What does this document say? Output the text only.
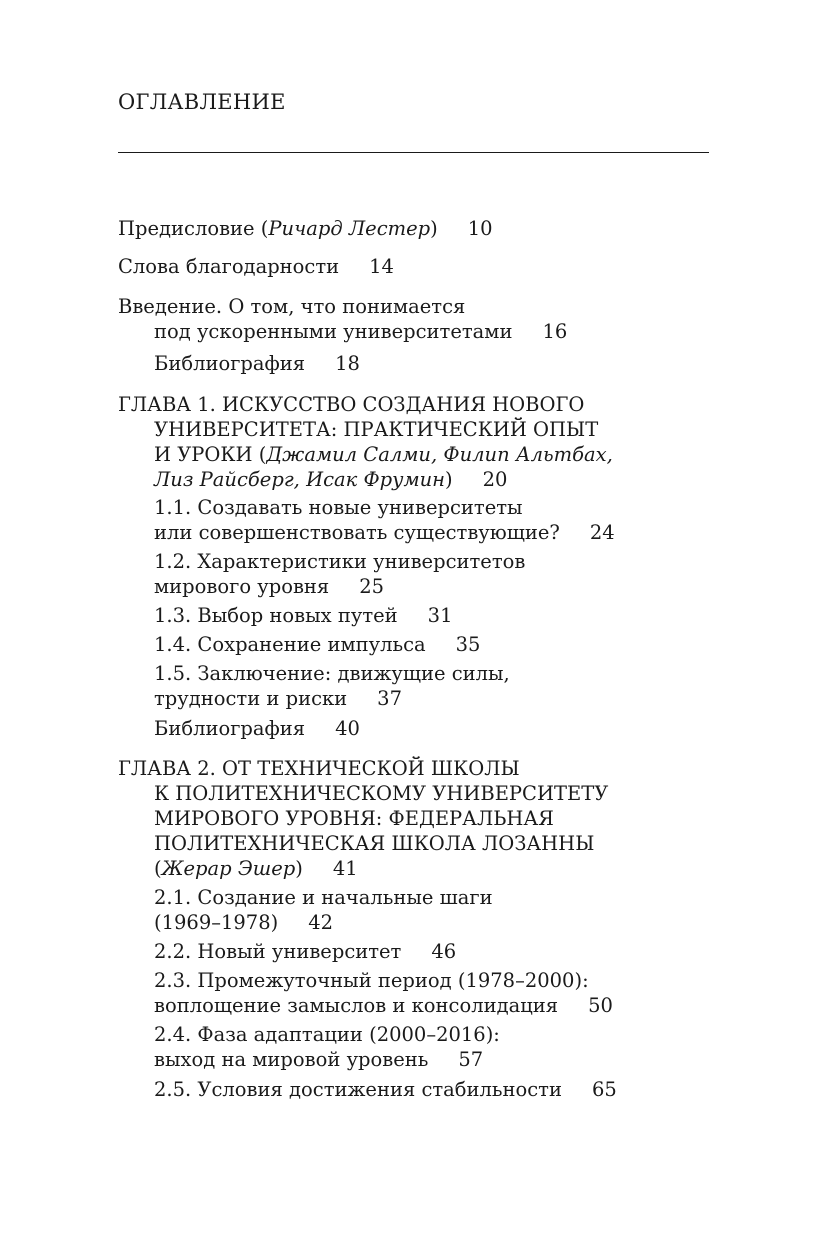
ОГЛАВЛЕНИЕ
Предисловие (Ричард Лестер) 10
Слова благодарности 14
Введение. О том, что понимается
под ускоренными университетами 16
Библиография 18
ГЛАВА 1. ИСКУССТВО СОЗДАНИЯ НОВОГО
УНИВЕРСИТЕТА: ПРАКТИЧЕСКИЙ ОПЫТ
И УРОКИ (Джамил Салми, Филип Альтбах,
Лиз Райсберг, Исак Фрумин) 20
1.1. Создавать новые университеты
или совершенствовать существующие? 24
1.2. Характеристики университетов
мирового уровня 25
1.3. Выбор новых путей 31
1.4. Сохранение импульса 35
1.5. Заключение: движущие силы,
трудности и риски 37
Библиография 40
ГЛАВА 2. ОТ ТЕХНИЧЕСКОЙ ШКОЛЫ
К ПОЛИТЕХНИЧЕСКОМУ УНИВЕРСИТЕТУ
МИРОВОГО УРОВНЯ: ФЕДЕРАЛЬНАЯ
ПОЛИТЕХНИЧЕСКАЯ ШКОЛА ЛОЗАННЫ
(Жерар Эшер) 41
2.1. Создание и начальные шаги
(1969–1978) 42
2.2. Новый университет 46
2.3. Промежуточный период (1978–2000):
воплощение замыслов и консолидация 50
2.4. Фаза адаптации (2000–2016):
выход на мировой уровень 57
2.5. Условия достижения стабильности 65
